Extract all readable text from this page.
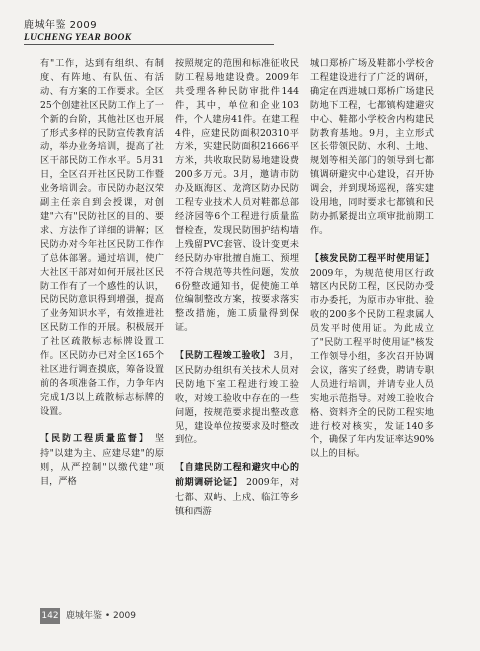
鹿城年鉴 2009
LUCHENG YEAR BOOK

有"工作，达到有组织、有制度、有阵地、有队伍、有活动、有方案的工作要求。全区25个创建社区民防工作上了一个新的台阶，其他社区也开展了形式多样的民防宣传教育活动，举办业务培训，提高了社区干部民防工作水平。5月31日，全区召开社区民防工作暨业务培训会。市民防办赵汉荣副主任亲自到会授课，对创建"六有"民防社区的目的、要求、方法作了详细的讲解；区民防办对今年社区民防工作作了总体部署。通过培训，使广大社区干部对如何开展社区民防工作有了一个感性的认识，民防民防意识得到增强，提高了业务知识水平，有效推进社区民防工作的开展。积极展开了社区疏散标志标牌设置工作。区民防办已对全区165个社区进行调查摸底，筹备设置前的各项准备工作，力争年内完成1/3以上疏散标志标牌的设置。

【民防工程质量监督】 坚持"以建为主、应建尽建"的原则，从严控制"以缴代建"项目，严格

按照规定的范围和标准征收民防工程易地建设费。2009年共受理各种民防审批件144件，其中，单位和企业103件，个人建房41件。在建工程4件，应建民防面积20310平方米，实建民防面积21666平方米，共收取民防易地建设费200多万元。3月，邀请市防办及瓯海区、龙湾区防办民防工程专业技术人员对鞋都总部经济园等6个工程进行质量监督检查，发现民防围护结构墙上残留PVC套管、设计变更未经民防办审批擅自施工、预埋不符合规范等共性问题，发放6份整改通知书，促使施工单位编制整改方案，按要求落实整改措施，施工质量得到保证。

【民防工程竣工验收】 3月，区民防办组织有关技术人员对民防地下室工程进行竣工验收，对竣工验收中存在的一些问题，按规范要求提出整改意见，建设单位按要求及时整改到位。

【自建民防工程和避灾中心的前期调研论证】 2009年，对七都、双屿、上戍、临江等乡镇和西游

城口郑桥广场及鞋都小学校舍工程建设进行了广泛的调研，确定在西进城口郑桥广场建民防地下工程，七都镇构建避灾中心、鞋都小学校舍内构建民防教育基地。9月，主立形式区长带领民防、水利、土地、规划等相关部门的领导到七都镇调研避灾中心建设，召开协调会，并到现场巡视，落实建设用地，同时要求七都镇和民防办抓紧提出立项审批前期工作。

【核发民防工程平时使用证】 2009年，为规范使用区行政辖区内民防工程，区民防办受市办委托，为原市办审批、验收的200多个民防工程隶属人员发平时使用证。为此成立了"民防工程平时使用证"核发工作领导小组，多次召开协调会议，落实了经费，聘请专职人员进行培训，并请专业人员实地示范指导。对竣工验收合格、资料齐全的民防工程实地进行校对核实，发证140多个，确保了年内发证率达90%以上的目标。

142 鹿城年鉴 • 2009
